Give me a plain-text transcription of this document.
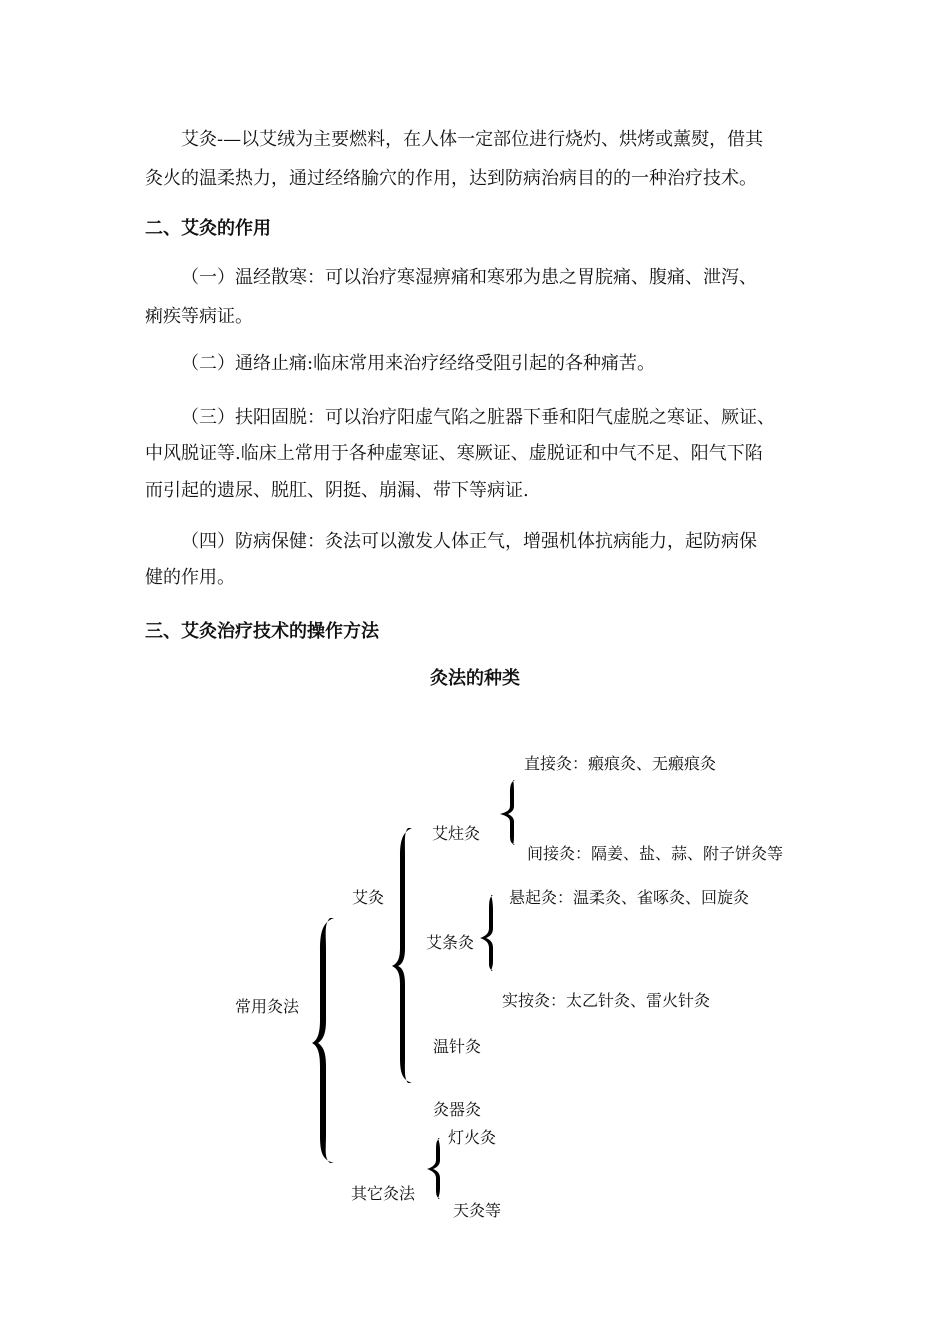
艾灸-—以艾绒为主要燃料，在人体一定部位进行烧灼、烘烤或薰熨，借其

灸火的温柔热力，通过经络腧穴的作用，达到防病治病目的的一种治疗技术。

二、艾灸的作用

（一）温经散寒：可以治疗寒湿痹痛和寒邪为患之胃脘痛、腹痛、泄泻、

痢疾等病证。

（二）通络止痛:临床常用来治疗经络受阻引起的各种痛苦。

（三）扶阳固脱：可以治疗阳虚气陷之脏器下垂和阳气虚脱之寒证、厥证、

中风脱证等.临床上常用于各种虚寒证、寒厥证、虚脱证和中气不足、阳气下陷

而引起的遗尿、脱肛、阴挺、崩漏、带下等病证.

（四）防病保健：灸法可以激发人体正气，增强机体抗病能力，起防病保

健的作用。

三、艾灸治疗技术的操作方法

灸法的种类
直接灸：瘢痕灸、无瘢痕灸
艾炷灸
间接灸：隔姜、盐、蒜、附子饼灸等
艾灸	悬起灸：温柔灸、雀啄灸、回旋灸
艾条灸
实按灸：太乙针灸、雷火针灸
常用灸法
温针灸
灸器灸
灯火灸
其它灸法
天灸等
